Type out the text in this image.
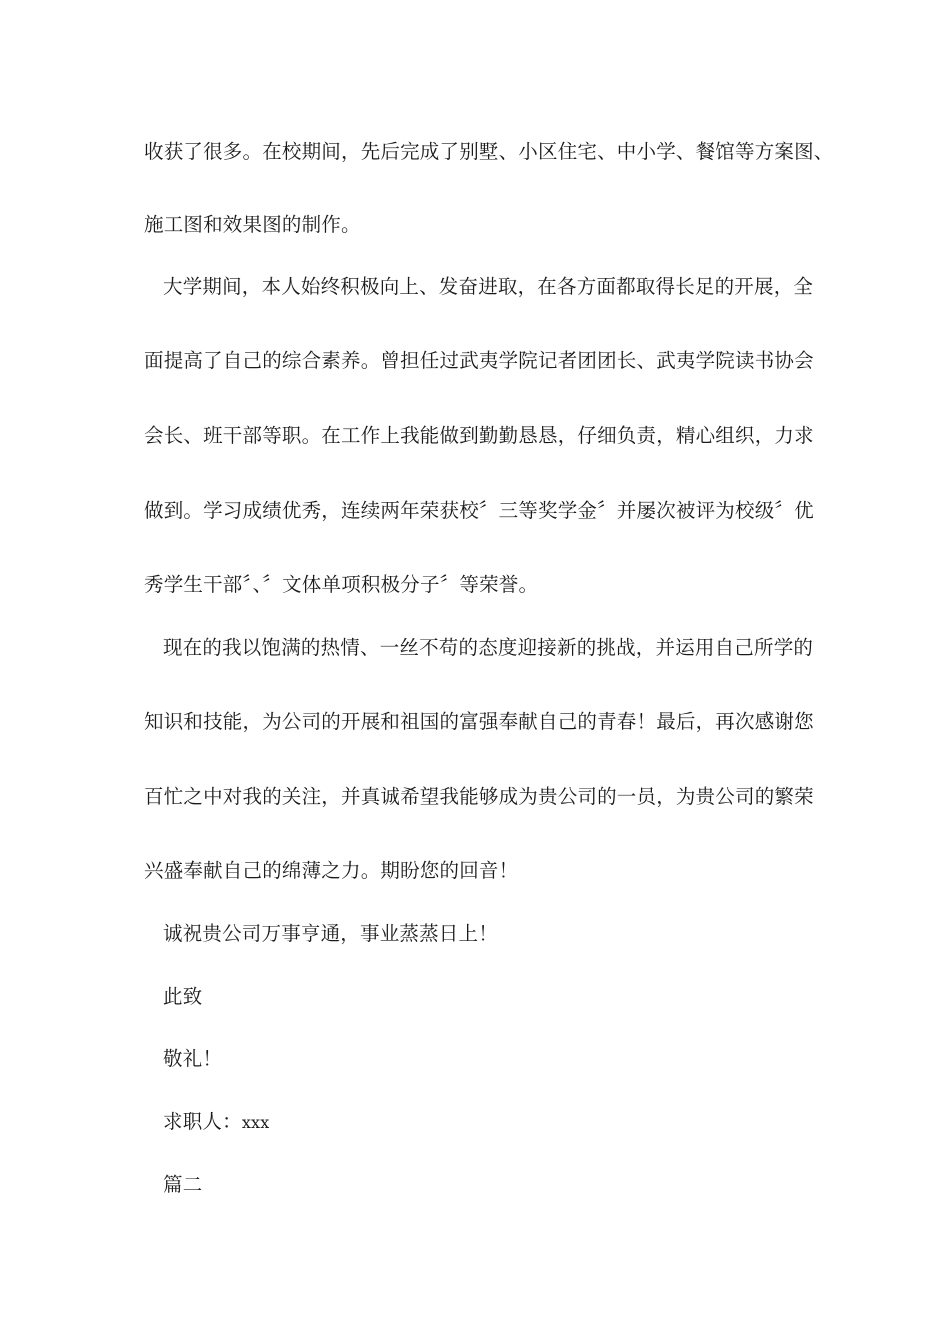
收获了很多。在校期间，先后完成了别墅、小区住宅、中小学、餐馆等方案图、
施工图和效果图的制作。
大学期间，本人始终积极向上、发奋进取，在各方面都取得长足的开展，全
面提高了自己的综合素养。曾担任过武夷学院记者团团长、武夷学院读书协会
会长、班干部等职。在工作上我能做到勤勤恳恳，仔细负责，精心组织，力求
做到。学习成绩优秀，连续两年荣获校〞三等奖学金〞并屡次被评为校级〞优
秀学生干部〞、〞文体单项积极分子〞等荣誉。
现在的我以饱满的热情、一丝不苟的态度迎接新的挑战，并运用自己所学的
知识和技能，为公司的开展和祖国的富强奉献自己的青春！最后，再次感谢您
百忙之中对我的关注，并真诚希望我能够成为贵公司的一员，为贵公司的繁荣
兴盛奉献自己的绵薄之力。期盼您的回音！
诚祝贵公司万事亨通，事业蒸蒸日上！
此致
敬礼！
求职人：xxx
篇二
